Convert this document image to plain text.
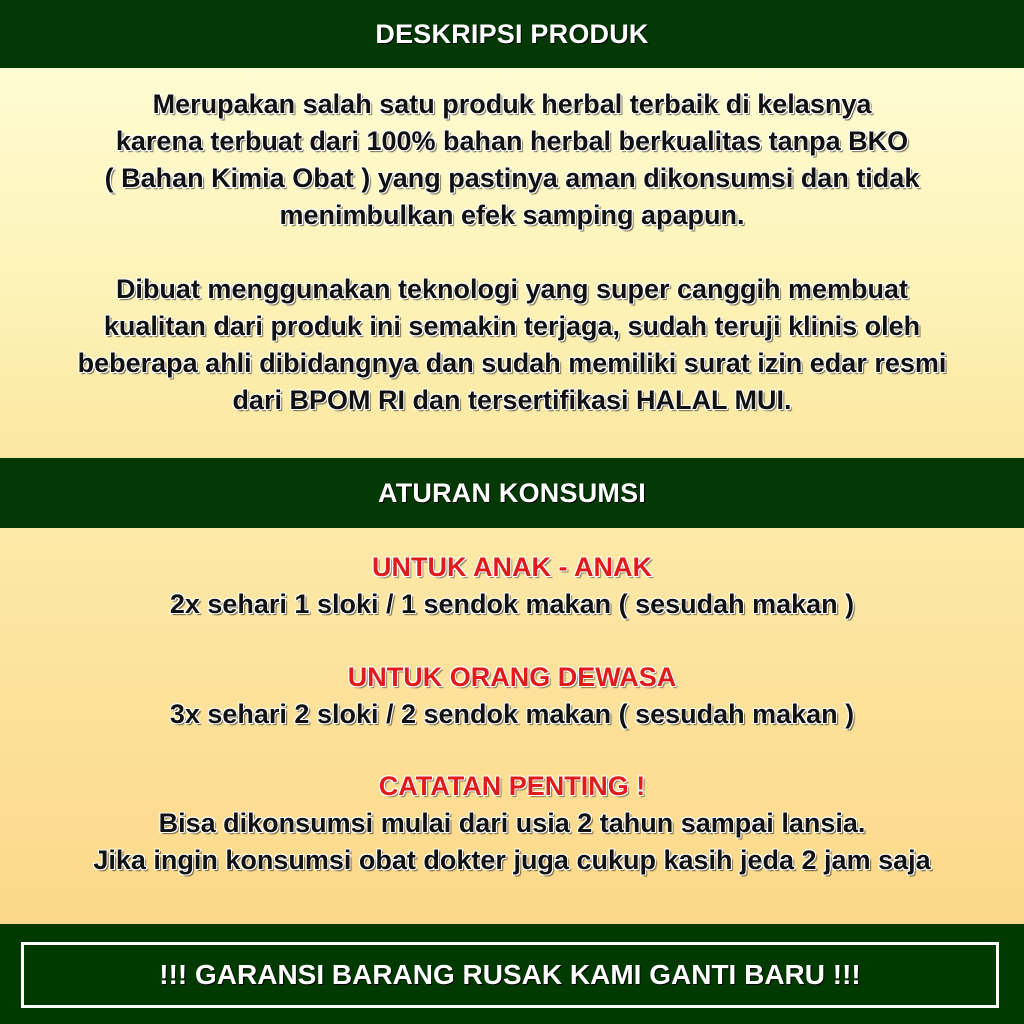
DESKRIPSI PRODUK
Merupakan salah satu produk herbal terbaik di kelasnya
karena terbuat dari 100% bahan herbal berkualitas tanpa BKO
( Bahan Kimia Obat ) yang pastinya aman dikonsumsi dan tidak
menimbulkan efek samping apapun.
Dibuat menggunakan teknologi yang super canggih membuat
kualitan dari produk ini semakin terjaga, sudah teruji klinis oleh
beberapa ahli dibidangnya dan sudah memiliki surat izin edar resmi
dari BPOM RI dan tersertifikasi HALAL MUI.
ATURAN KONSUMSI
UNTUK ANAK - ANAK
2x sehari 1 sloki / 1 sendok makan ( sesudah makan )
UNTUK ORANG DEWASA
3x sehari 2 sloki / 2 sendok makan ( sesudah makan )
CATATAN PENTING !
Bisa dikonsumsi mulai dari usia 2 tahun sampai lansia.
Jika ingin konsumsi obat dokter juga cukup kasih jeda 2 jam saja
!!! GARANSI BARANG RUSAK KAMI GANTI BARU !!!
